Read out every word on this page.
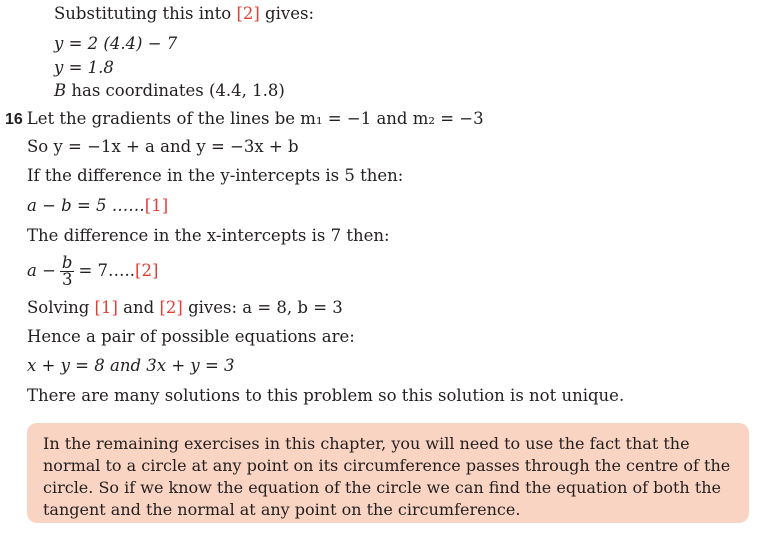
Substituting this into [2] gives:
y = 2 (4.4) − 7
y = 1.8
B has coordinates (4.4, 1.8)
16 Let the gradients of the lines be m₁ = −1 and m₂ = −3
So y = −1x + a and y = −3x + b
If the difference in the y-intercepts is 5 then:
a − b = 5 ……[1]
The difference in the x-intercepts is 7 then:
$a - \frac{b}{3}$ = 7…..[2]
Solving [1] and [2] gives: a = 8, b = 3
Hence a pair of possible equations are:
x + y = 8 and 3x + y = 3
There are many solutions to this problem so this solution is not unique.
In the remaining exercises in this chapter, you will need to use the fact that the normal to a circle at any point on its circumference passes through the centre of the circle. So if we know the equation of the circle we can find the equation of both the tangent and the normal at any point on the circumference.
